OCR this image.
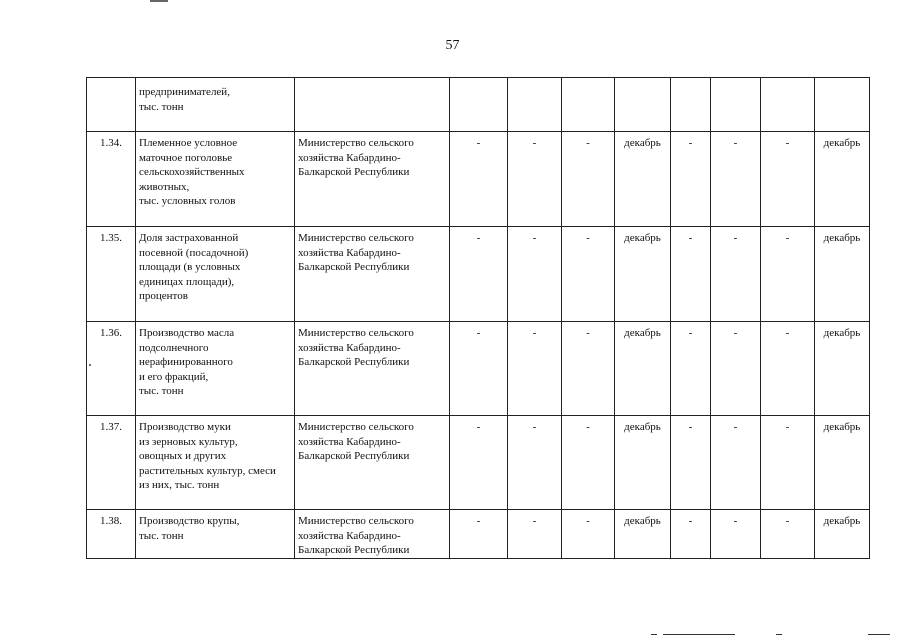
57

	предпринимателей,
тыс. тонн									

1.34.	Племенное условное
маточное поголовье
сельскохозяйственных
животных,
тыс. условных голов	Министерство сельского
хозяйства Кабардино-
Балкарской Республики	-	-	-	декабрь	-	-	-	декабрь
1.35.	Доля застрахованной
посевной (посадочной)
площади (в условных
единицах площади),
процентов	Министерство сельского
хозяйства Кабардино-
Балкарской Республики	-	-	-	декабрь	-	-	-	декабрь
1.36.	Производство масла
подсолнечного
нерафинированного
и его фракций,
тыс. тонн	Министерство сельского
хозяйства Кабардино-
Балкарской Республики	-	-	-	декабрь	-	-	-	декабрь
1.37.	Производство муки
из зерновых культур,
овощных и других
растительных культур, смеси
из них, тыс. тонн	Министерство сельского
хозяйства Кабардино-
Балкарской Республики	-	-	-	декабрь	-	-	-	декабрь
1.38.	Производство крупы,
тыс. тонн	Министерство сельского
хозяйства Кабардино-
Балкарской Республики	-	-	-	декабрь	-	-	-	декабрь
